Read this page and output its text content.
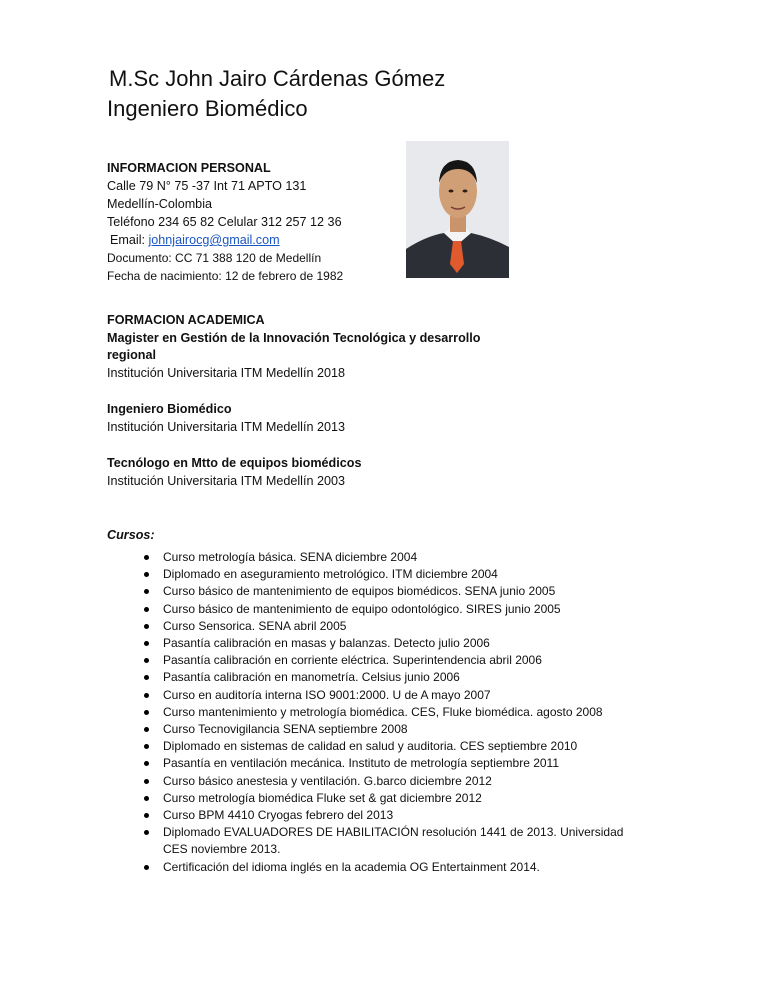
M.Sc John Jairo Cárdenas Gómez
Ingeniero Biomédico
INFORMACION PERSONAL
Calle 79 N° 75 -37 Int 71 APTO 131
Medellín-Colombia
Teléfono 234 65 82 Celular 312 257 12 36
Email: johnjairocg@gmail.com
Documento: CC 71 388 120 de Medellín
Fecha de nacimiento: 12 de febrero de 1982
FORMACION ACADEMICA
Magister en Gestión de la Innovación Tecnológica y desarrollo regional
Institución Universitaria ITM Medellín 2018
Ingeniero Biomédico
Institución Universitaria ITM Medellín 2013
Tecnólogo en Mtto de equipos biomédicos
Institución Universitaria ITM Medellín 2003
Cursos:
Curso metrología básica. SENA diciembre 2004
Diplomado en aseguramiento metrológico. ITM diciembre 2004
Curso básico de mantenimiento de equipos biomédicos. SENA junio 2005
Curso básico de mantenimiento de equipo odontológico. SIRES junio 2005
Curso Sensorica. SENA abril 2005
Pasantía calibración en masas y balanzas. Detecto julio 2006
Pasantía calibración en corriente eléctrica. Superintendencia abril 2006
Pasantía calibración en manometría. Celsius junio 2006
Curso en auditoría interna ISO 9001:2000. U de A mayo 2007
Curso mantenimiento y metrología biomédica. CES, Fluke biomédica. agosto 2008
Curso Tecnovigilancia SENA septiembre 2008
Diplomado en sistemas de calidad en salud y auditoria. CES septiembre 2010
Pasantía en ventilación mecánica. Instituto de metrología septiembre 2011
Curso básico anestesia y ventilación. G.barco diciembre 2012
Curso metrología biomédica Fluke set & gat diciembre 2012
Curso BPM 4410 Cryogas febrero del 2013
Diplomado EVALUADORES DE HABILITACIÓN resolución 1441 de 2013. Universidad CES noviembre 2013.
Certificación del idioma inglés en la academia OG Entertainment 2014.
